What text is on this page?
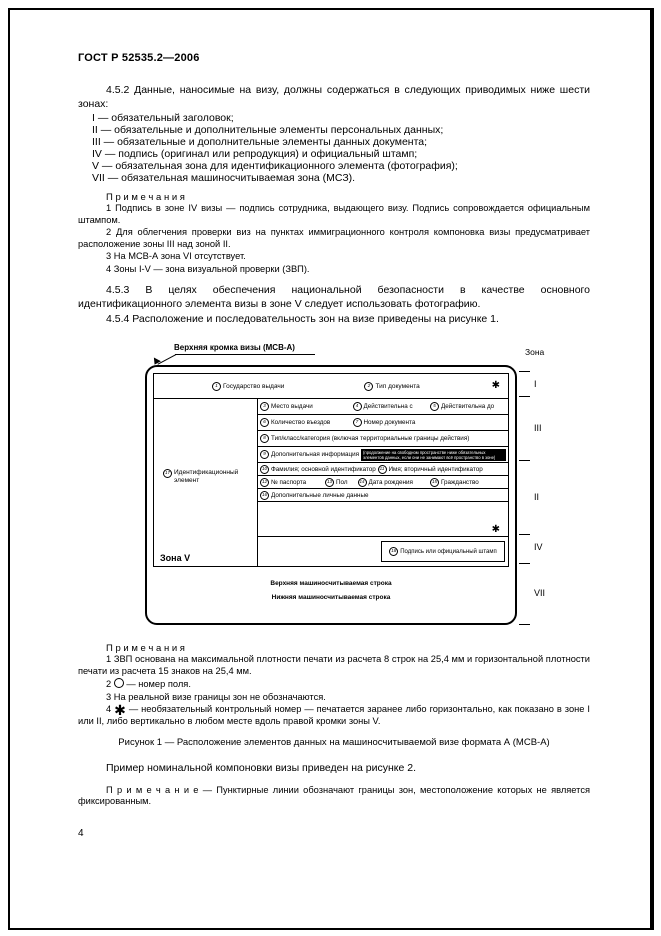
ГОСТ Р 52535.2—2006

4.5.2 Данные, наносимые на визу, должны содержаться в следующих приводимых ниже шести зонах:

I — обязательный заголовок;
II — обязательные и дополнительные элементы персональных данных;
III — обязательные и дополнительные элементы данных документа;
IV — подпись (оригинал или репродукция) и официальный штамп;
V — обязательная зона для идентификационного элемента (фотография);
VII — обязательная машиносчитываемая зона (МСЗ).
П р и м е ч а н и я
1 Подпись в зоне IV визы — подпись сотрудника, выдающего визу. Подпись сопровождается официальным штампом.
2 Для облегчения проверки виз на пунктах иммиграционного контроля компоновка визы предусматривает расположение зоны III над зоной II.
3 На МСВ-А зона VI отсутствует.
4 Зоны I-V — зона визуальной проверки (ЗВП).

4.5.3 В целях обеспечения национальной безопасности в качестве основного идентификационного элемента визы в зоне V следует использовать фотографию.

4.5.4 Расположение и последовательность зон на визе приведены на рисунке 1.

Верхняя кромка визы (МСВ-А)	Зона
1 Государство выдачи	2 Тип документа	✱
17 Идентификационный элемент
Зона V
3 Место выдачи	4 Действительна с	5 Действительна до
6 Количество въездов	7 Номер документа
8 Тип/класс/категория (включая территориальные границы действия)
9 Дополнительная информация (продолжение на свободном пространстве ниже обязательных элементов данных, если они не занимают всё пространство в зоне)
10 Фамилия; основной идентификатор 11 Имя; вторичный идентификатор
12 № паспорта	13 Пол	14 Дата рождения	15 Гражданство
16 Дополнительные личные данные
✱
18 Подпись или официальный штамп
Верхняя машиносчитываемая строка
Нижняя машиносчитываемая строка
I
III
II
IV
VII
П р и м е ч а н и я
1 ЗВП основана на максимальной плотности печати из расчета 8 строк на 25,4 мм и горизонтальной плотности печати из расчета 15 знаков на 25,4 мм.
2 — номер поля.
3 На реальной визе границы зон не обозначаются.
4 ✱ — необязательный контрольный номер — печатается заранее либо горизонтально, как показано в зоне I или II, либо вертикально в любом месте вдоль правой кромки зоны V.
Рисунок 1 — Расположение элементов данных на машиносчитываемой визе формата А (МСВ-А)

Пример номинальной компоновки визы приведен на рисунке 2.

П р и м е ч а н и е — Пунктирные линии обозначают границы зон, местоположение которых не является фиксированным.
4
